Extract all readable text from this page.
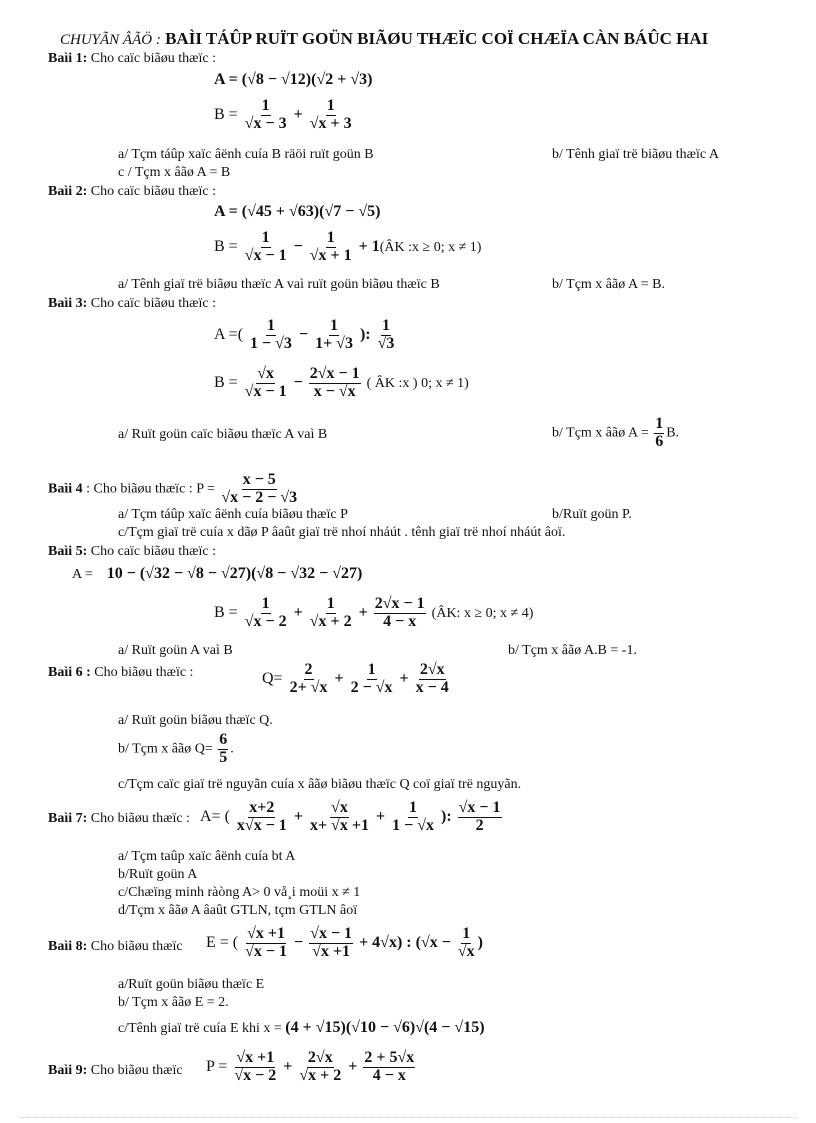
CHUYÃN ÂÃÖ : BAÌI TÁÛP RUÏT GOÜN BIÃØU THÆÏC COÏ CHÆÏA CÀN BÁÛC HAI
Baìi 1: Cho caïc biãøu thæïc :
A = (√8 − √12)(√2 + √3)
$B = \frac{1}{√x - 3} + \frac{1}{√x + 3}$
a/ Tçm táûp xaïc âënh cuía B räöi ruït goün B	b/ Tênh giaï trë biãøu thæïc A
c / Tçm x âãø A = B
Baìi 2: Cho caïc biãøu thæïc :
A = (√45 + √63)(√7 − √5)
$B = \frac{1}{√x - 1} - \frac{1}{√x + 1}$ + 1(ÂK :x ≥ 0; x ≠ 1)
a/ Tênh giaï trë biãøu thæïc A vaì ruït goün biãøu thæïc B	b/ Tçm x âãø A = B.
Baìi 3: Cho caïc biãøu thæïc :
A =( $\frac{1}{1 - √3} - \frac{1}{1+ √3}$ ): $\frac{1}{√3}$
$B = \frac{√x}{√x - 1} - \frac{2√x - 1}{x - √x}$ ( ÂK :x ) 0; x ≠ 1)
a/ Ruït goün caïc biãøu thæïc A vaì B	b/ Tçm x âãø $A = \frac{1}{6} B$.
Baìi 4 : Cho biãøu thæïc : $P = \frac{x - 5}{√x - 2 - √3}$
a/ Tçm táûp xaïc âënh cuía biãøu thæïc P	b/Ruït goün P.
c/Tçm giaï trë cuía x dãø P âaût giaï trë nhoí nháút . tênh giaï trë nhoí nháút âoï.
Baìi 5: Cho caïc biãøu thæïc :
A = 10 − (√32 − √8 − √27)(√8 − √32 − √27)
$B = \frac{1}{√x - 2} + \frac{1}{√x + 2} + \frac{2√x - 1}{4 - x}$ (ÂK: x ≥ 0; x ≠ 4)
a/ Ruït goün A vaì B	b/ Tçm x âãø A.B = -1.
Baìi 6 : Cho biãøu thæïc :	$Q= \frac{2}{2+ √x} + \frac{1}{2 - √x} + \frac{2√x}{x - 4}$
a/ Ruït goün biãøu thæïc Q.
b/ Tçm x âãø $Q= \frac{6}{5}$ .
c/Tçm caïc giaï trë nguyãn cuía x âãø biãøu thæïc Q coï giaï trë nguyãn.
Baìi 7: Cho biãøu thæïc : A= ( $\frac{x+2}{x√x - 1} + \frac{√x}{x+ √x +1} + \frac{1}{1 - √x}$ ): $\frac{√x - 1}{2}$
a/ Tçm taûp xaïc âënh cuía bt A
b/Ruït goün A
c/Chæïng minh ràòng A> 0 vå¸i moüi x ≠ 1
d/Tçm x âãø A âaût GTLN, tçm GTLN âoï
Baìi 8: Cho biãøu thæïc E = ( $\frac{√x +1}{√x - 1} - \frac{√x - 1}{√x +1} + 4√x$) : ($√x - \frac{1}{√x}$ )
a/Ruït goün biãøu thæïc E
b/ Tçm x âãø E = 2.
c/Tênh giaï trë cuía E khi x = (4 + √15)(√10 − √6)√(4 − √15)
Baìi 9: Cho biãøu thæïc $P = \frac{√x +1}{√x - 2} + \frac{2√x}{√x + 2} + \frac{2 + 5√x}{4 - x}$
